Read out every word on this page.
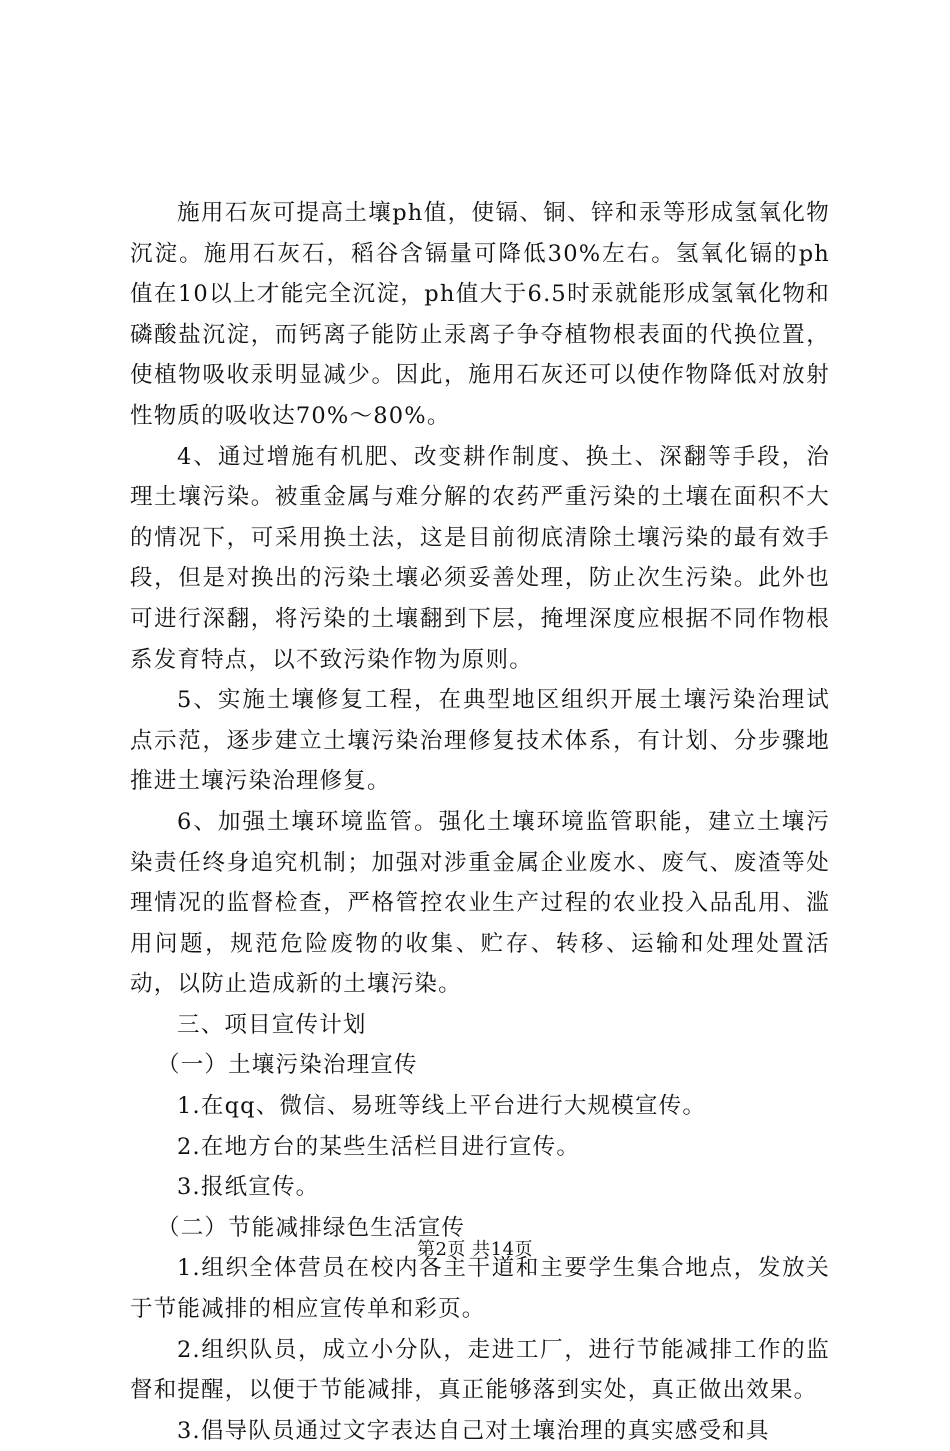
施用石灰可提高土壤ph值，使镉、铜、锌和汞等形成氢氧化物沉淀。施用石灰石，稻谷含镉量可降低30%左右。氢氧化镉的ph值在10以上才能完全沉淀，ph值大于6.5时汞就能形成氢氧化物和磷酸盐沉淀，而钙离子能防止汞离子争夺植物根表面的代换位置，使植物吸收汞明显减少。因此，施用石灰还可以使作物降低对放射性物质的吸收达70%～80%。

4、通过增施有机肥、改变耕作制度、换土、深翻等手段，治理土壤污染。被重金属与难分解的农药严重污染的土壤在面积不大的情况下，可采用换土法，这是目前彻底清除土壤污染的最有效手段，但是对换出的污染土壤必须妥善处理，防止次生污染。此外也可进行深翻，将污染的土壤翻到下层，掩埋深度应根据不同作物根系发育特点，以不致污染作物为原则。

5、实施土壤修复工程，在典型地区组织开展土壤污染治理试点示范，逐步建立土壤污染治理修复技术体系，有计划、分步骤地推进土壤污染治理修复。

6、加强土壤环境监管。强化土壤环境监管职能，建立土壤污染责任终身追究机制；加强对涉重金属企业废水、废气、废渣等处理情况的监督检查，严格管控农业生产过程的农业投入品乱用、滥用问题，规范危险废物的收集、贮存、转移、运输和处理处置活动，以防止造成新的土壤污染。

三、项目宣传计划

（一）土壤污染治理宣传

1.在qq、微信、易班等线上平台进行大规模宣传。

2.在地方台的某些生活栏目进行宣传。

3.报纸宣传。

（二）节能减排绿色生活宣传

1.组织全体营员在校内各主干道和主要学生集合地点，发放关于节能减排的相应宣传单和彩页。

2.组织队员，成立小分队，走进工厂，进行节能减排工作的监督和提醒，以便于节能减排，真正能够落到实处，真正做出效果。

3.倡导队员通过文字表达自己对土壤治理的真实感受和具

第2页 共14页
